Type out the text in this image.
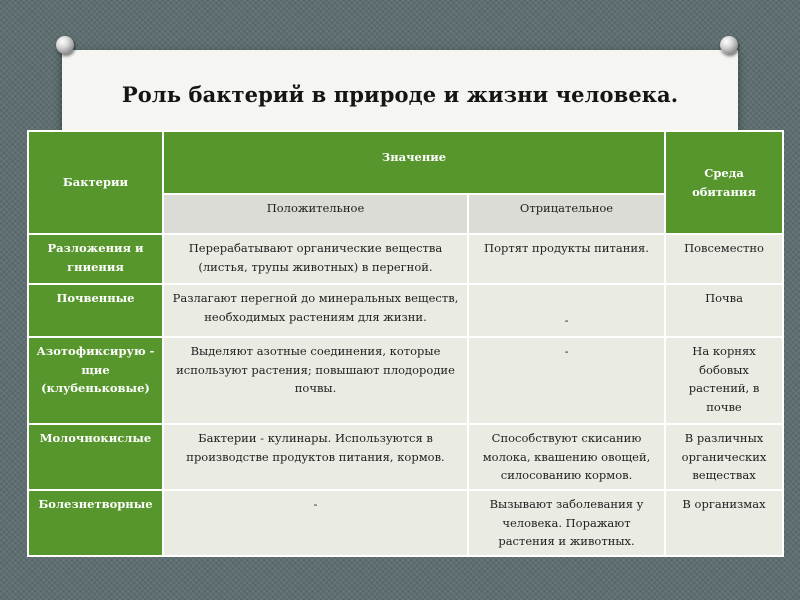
Роль бактерий в природе и жизни человека.
Бактерии	Значение		Среда обитания
	Положительное	Отрицательное	
Разложения и гниения	Перерабатывают органические вещества (листья, трупы животных) в перегной.	Портят продукты питания.	Повсеместно
Почвенные	Разлагают перегной до минеральных веществ, необходимых растениям для жизни.	-	Почва
Азотофиксирую - щие (клубеньковые)	Выделяют азотные соединения, которые используют растения; повышают плодородие почвы.	-	На корнях бобовых растений, в почве
Молочнокислые	Бактерии - кулинары. Используются в производстве продуктов питания, кормов.	Способствуют скисанию молока, квашению овощей, силосованию кормов.	В различных органических веществах
Болезнетворные	-	Вызывают заболевания у человека. Поражают растения и животных.	В организмах
